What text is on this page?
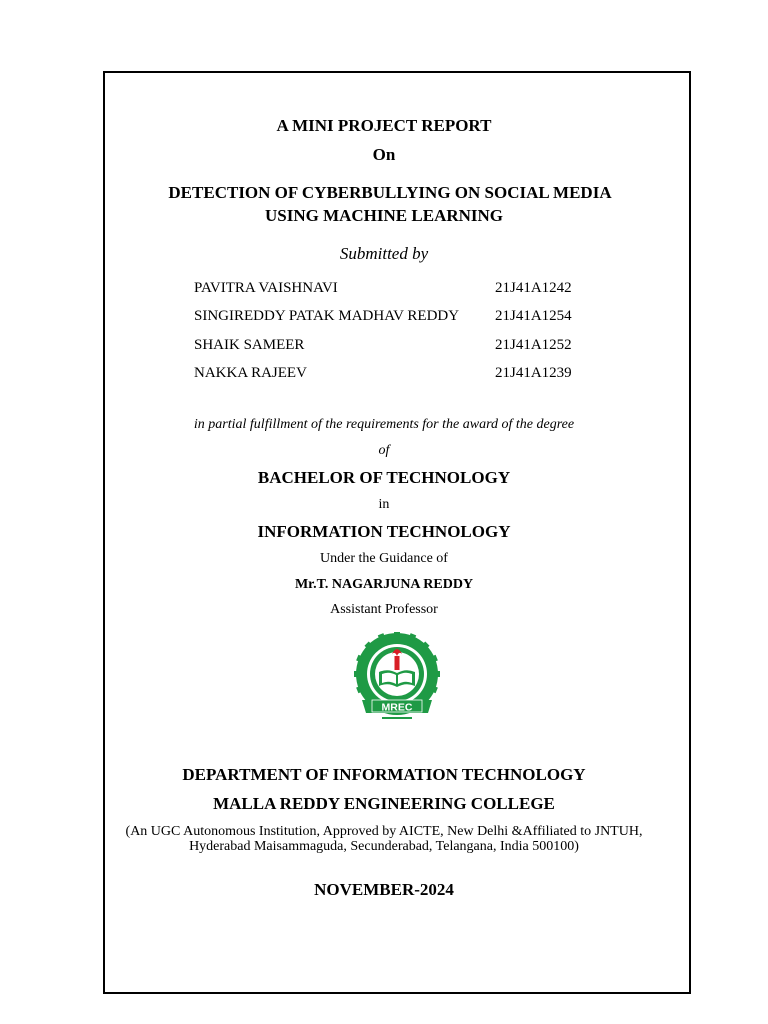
A MINI PROJECT REPORT
On
DETECTION OF CYBERBULLYING ON SOCIAL MEDIA
USING MACHINE LEARNING
Submitted by
PAVITRA VAISHNAVI	21J41A1242
SINGIREDDY PATAK MADHAV REDDY 21J41A1254
SHAIK SAMEER	21J41A1252
NAKKA RAJEEV	21J41A1239
in partial fulfillment of the requirements for the award of the degree
of
BACHELOR OF TECHNOLOGY
in
INFORMATION TECHNOLOGY
Under the Guidance of
Mr.T. NAGARJUNA REDDY
Assistant Professor
MREC
DEPARTMENT OF INFORMATION TECHNOLOGY
MALLA REDDY ENGINEERING COLLEGE
(An UGC Autonomous Institution, Approved by AICTE, New Delhi &Affiliated to JNTUH,
Hyderabad Maisammaguda, Secunderabad, Telangana, India 500100)
NOVEMBER-2024
